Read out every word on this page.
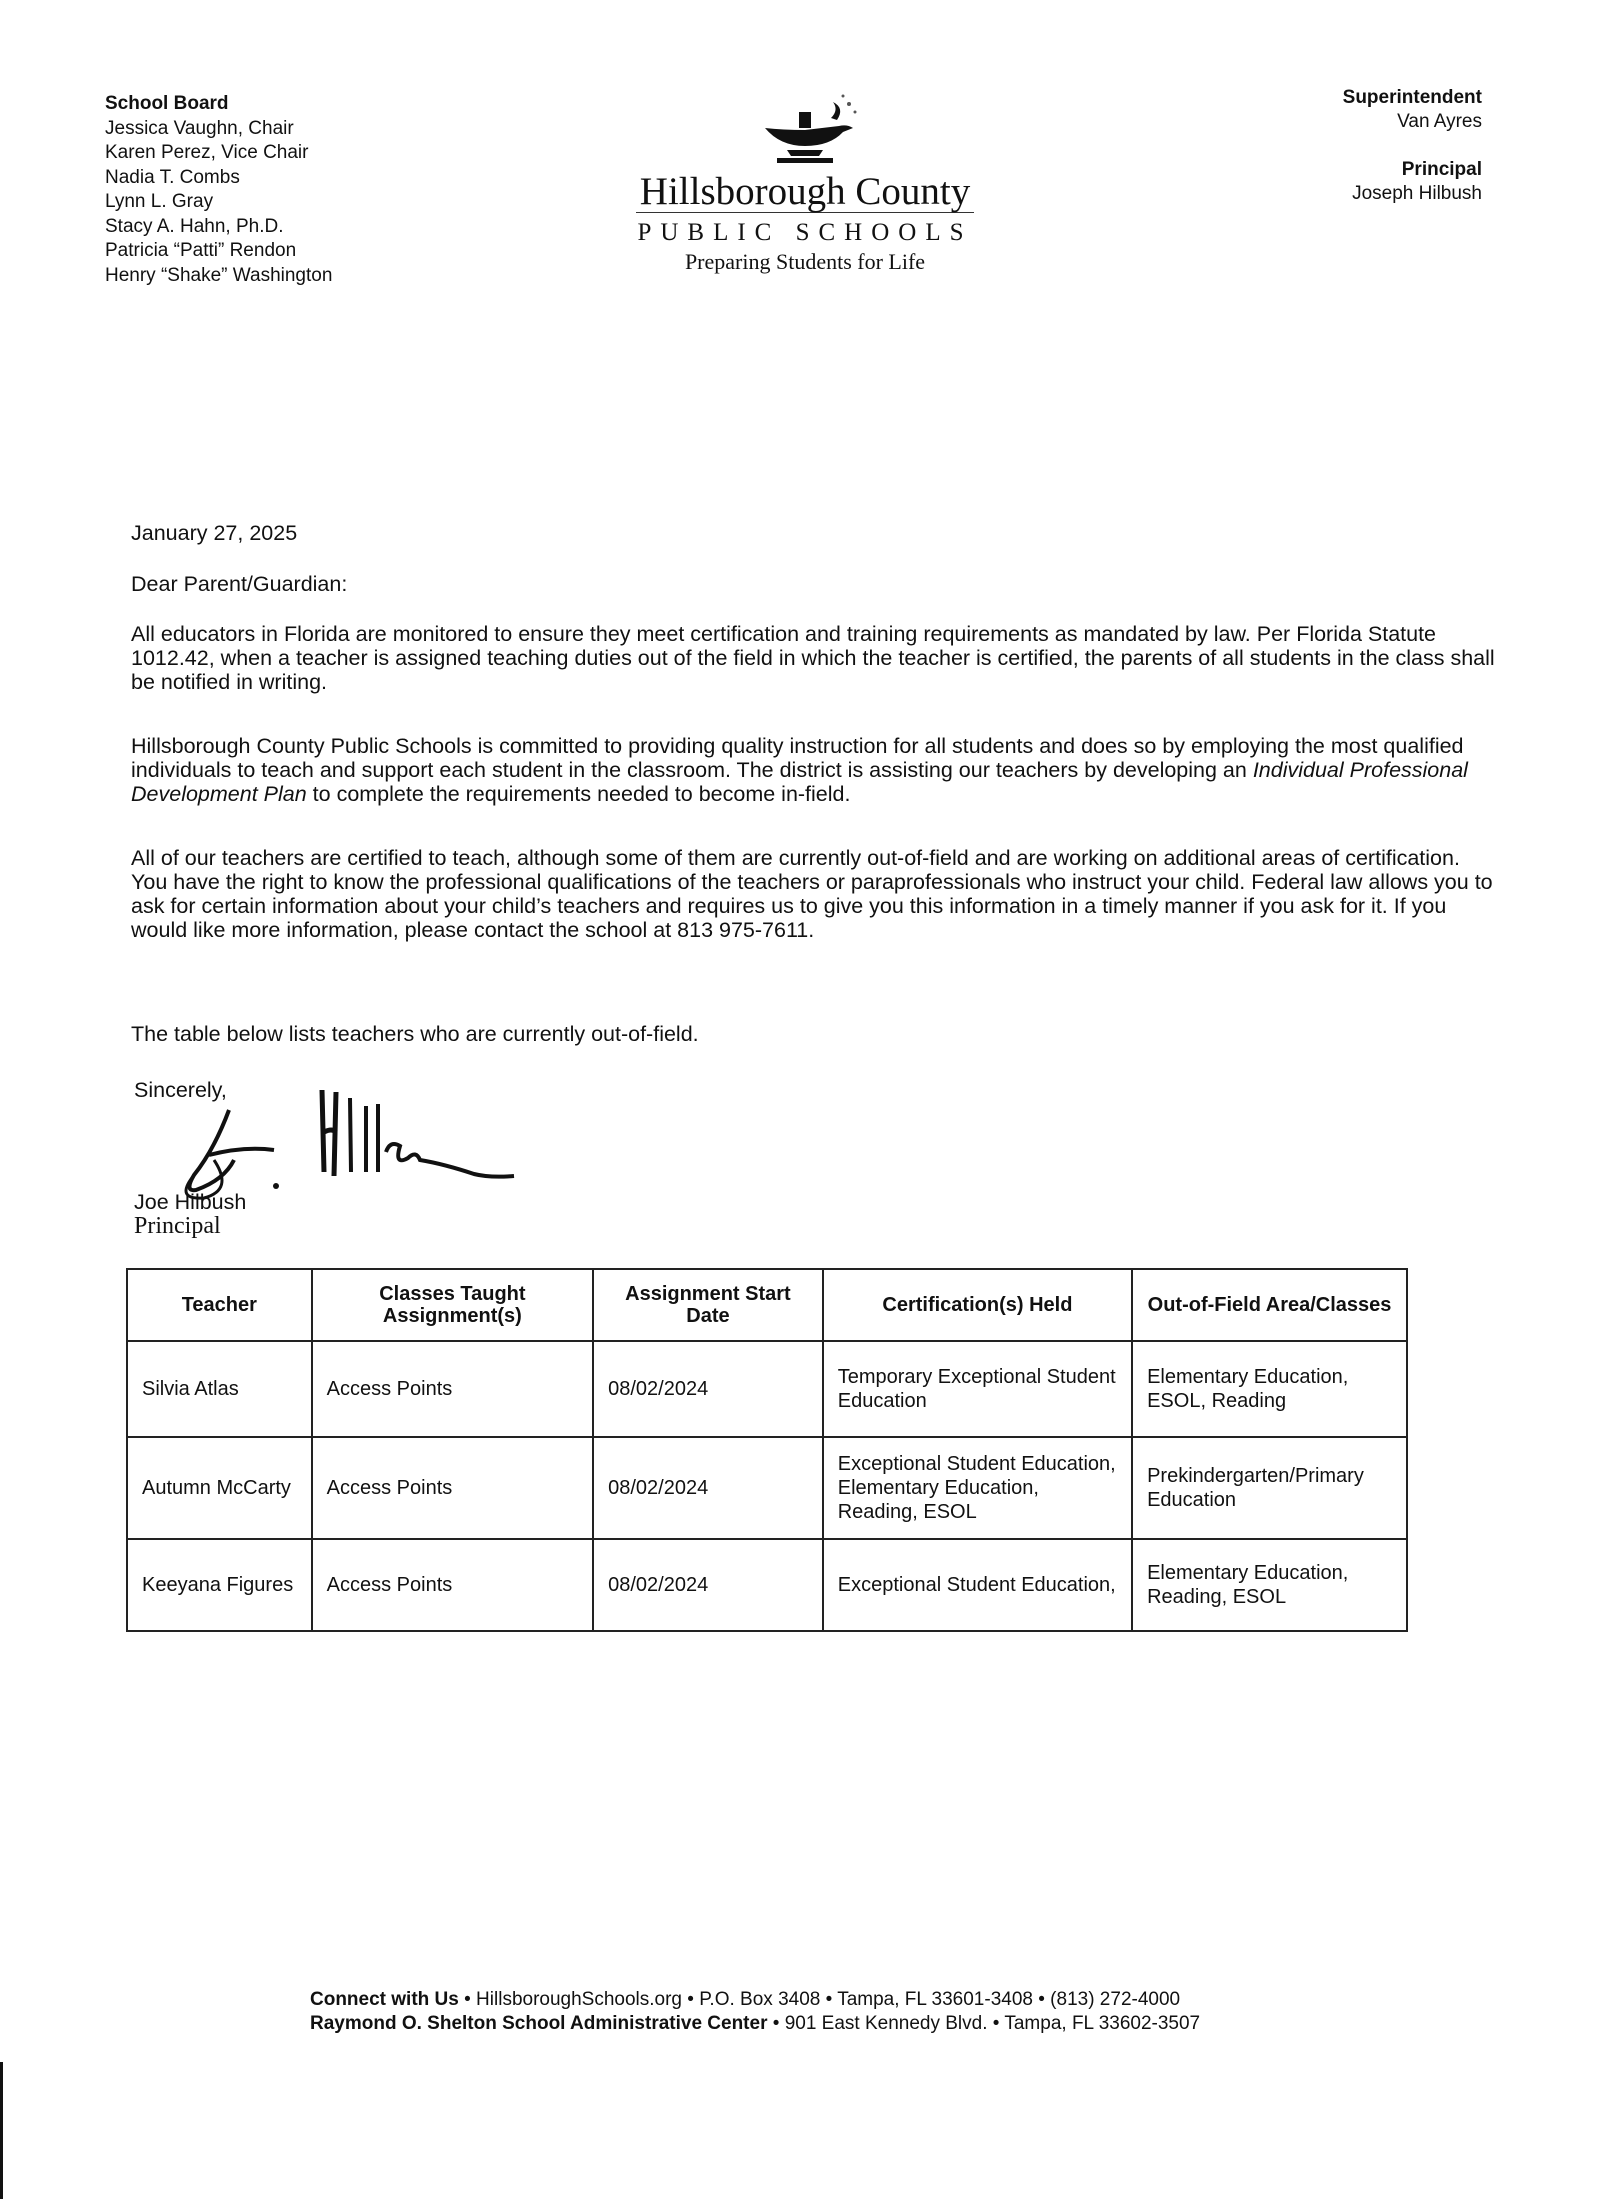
School Board
Jessica Vaughn, Chair
Karen Perez, Vice Chair
Nadia T. Combs
Lynn L. Gray
Stacy A. Hahn, Ph.D.
Patricia “Patti” Rendon
Henry “Shake” Washington
Hillsborough County
PUBLIC SCHOOLS
Preparing Students for Life
Superintendent
Van Ayres
Principal
Joseph Hilbush
January 27, 2025
Dear Parent/Guardian:

All educators in Florida are monitored to ensure they meet certification and training requirements as mandated by law. Per Florida Statute 1012.42, when a teacher is assigned teaching duties out of the field in which the teacher is certified, the parents of all students in the class shall be notified in writing.

Hillsborough County Public Schools is committed to providing quality instruction for all students and does so by employing the most qualified individuals to teach and support each student in the classroom. The district is assisting our teachers by developing an Individual Professional Development Plan to complete the requirements needed to become in-field.

All of our teachers are certified to teach, although some of them are currently out-of-field and are working on additional areas of certification. You have the right to know the professional qualifications of the teachers or paraprofessionals who instruct your child. Federal law allows you to ask for certain information about your child’s teachers and requires us to give you this information in a timely manner if you ask for it. If you would like more information, please contact the school at 813 975-7611.

The table below lists teachers who are currently out-of-field.

Sincerely,
Joe Hilbush
Principal
Teacher	Classes Taught Assignment(s)	Assignment Start Date	Certification(s) Held	Out-of-Field Area/Classes
Silvia Atlas	Access Points	08/02/2024	Temporary Exceptional Student Education	Elementary Education, ESOL, Reading
Autumn McCarty	Access Points	08/02/2024	Exceptional Student Education, Elementary Education, Reading, ESOL	Prekindergarten/Primary Education
Keeyana Figures	Access Points	08/02/2024	Exceptional Student Education,	Elementary Education, Reading, ESOL
Connect with Us • HillsboroughSchools.org • P.O. Box 3408 • Tampa, FL 33601-3408 • (813) 272-4000
Raymond O. Shelton School Administrative Center • 901 East Kennedy Blvd. • Tampa, FL 33602-3507
